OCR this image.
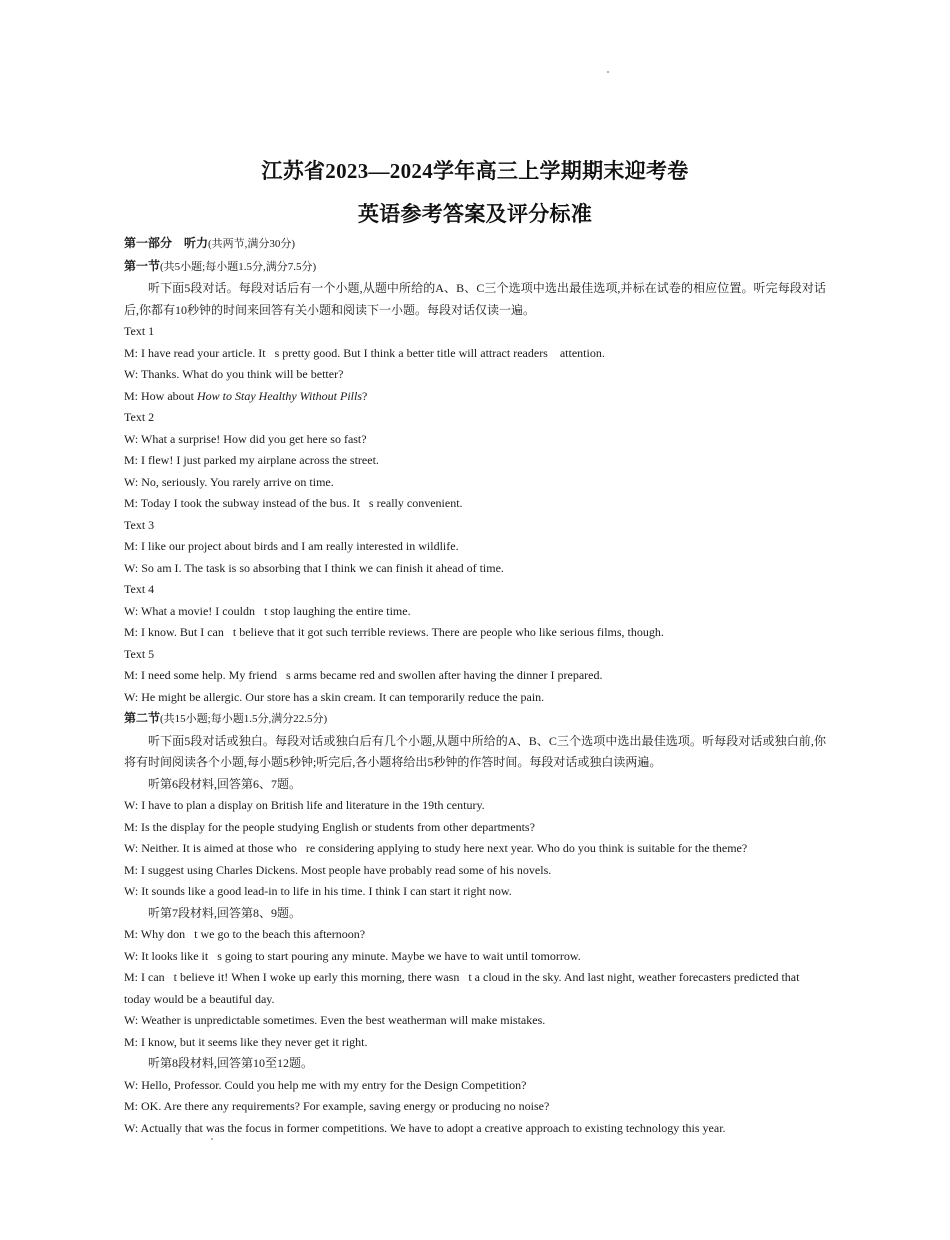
江苏省2023—2024学年高三上学期期末迎考卷
英语参考答案及评分标准

第一部分　听力(共两节,满分30分)

第一节(共5小题;每小题1.5分,满分7.5分)

听下面5段对话。每段对话后有一个小题,从题中所给的A、B、C三个选项中选出最佳选项,并标在试卷的相应位置。听完每段对话后,你都有10秒钟的时间来回答有关小题和阅读下一小题。每段对话仅读一遍。

Text 1

M: I have read your article. It   s pretty good. But I think a better title will attract readers    attention.

W: Thanks. What do you think will be better?

M: How about How to Stay Healthy Without Pills?

Text 2

W: What a surprise! How did you get here so fast?

M: I flew! I just parked my airplane across the street.

W: No, seriously. You rarely arrive on time.

M: Today I took the subway instead of the bus. It   s really convenient.

Text 3

M: I like our project about birds and I am really interested in wildlife.

W: So am I. The task is so absorbing that I think we can finish it ahead of time.

Text 4

W: What a movie! I couldn   t stop laughing the entire time.

M: I know. But I can   t believe that it got such terrible reviews. There are people who like serious films, though.

Text 5

M: I need some help. My friend   s arms became red and swollen after having the dinner I prepared.

W: He might be allergic. Our store has a skin cream. It can temporarily reduce the pain.

第二节(共15小题;每小题1.5分,满分22.5分)

听下面5段对话或独白。每段对话或独白后有几个小题,从题中所给的A、B、C三个选项中选出最佳选项。听每段对话或独白前,你将有时间阅读各个小题,每小题5秒钟;听完后,各小题将给出5秒钟的作答时间。每段对话或独白读两遍。

听第6段材料,回答第6、7题。

W: I have to plan a display on British life and literature in the 19th century.

M: Is the display for the people studying English or students from other departments?

W: Neither. It is aimed at those who   re considering applying to study here next year. Who do you think is suitable for the theme?

M: I suggest using Charles Dickens. Most people have probably read some of his novels.

W: It sounds like a good lead-in to life in his time. I think I can start it right now.

听第7段材料,回答第8、9题。

M: Why don   t we go to the beach this afternoon?

W: It looks like it   s going to start pouring any minute. Maybe we have to wait until tomorrow.

M: I can   t believe it! When I woke up early this morning, there wasn   t a cloud in the sky. And last night, weather forecasters predicted that today would be a beautiful day.

W: Weather is unpredictable sometimes. Even the best weatherman will make mistakes.

M: I know, but it seems like they never get it right.

听第8段材料,回答第10至12题。

W: Hello, Professor. Could you help me with my entry for the Design Competition?

M: OK. Are there any requirements? For example, saving energy or producing no noise?

W: Actually that was the focus in former competitions. We have to adopt a creative approach to existing technology this year.
